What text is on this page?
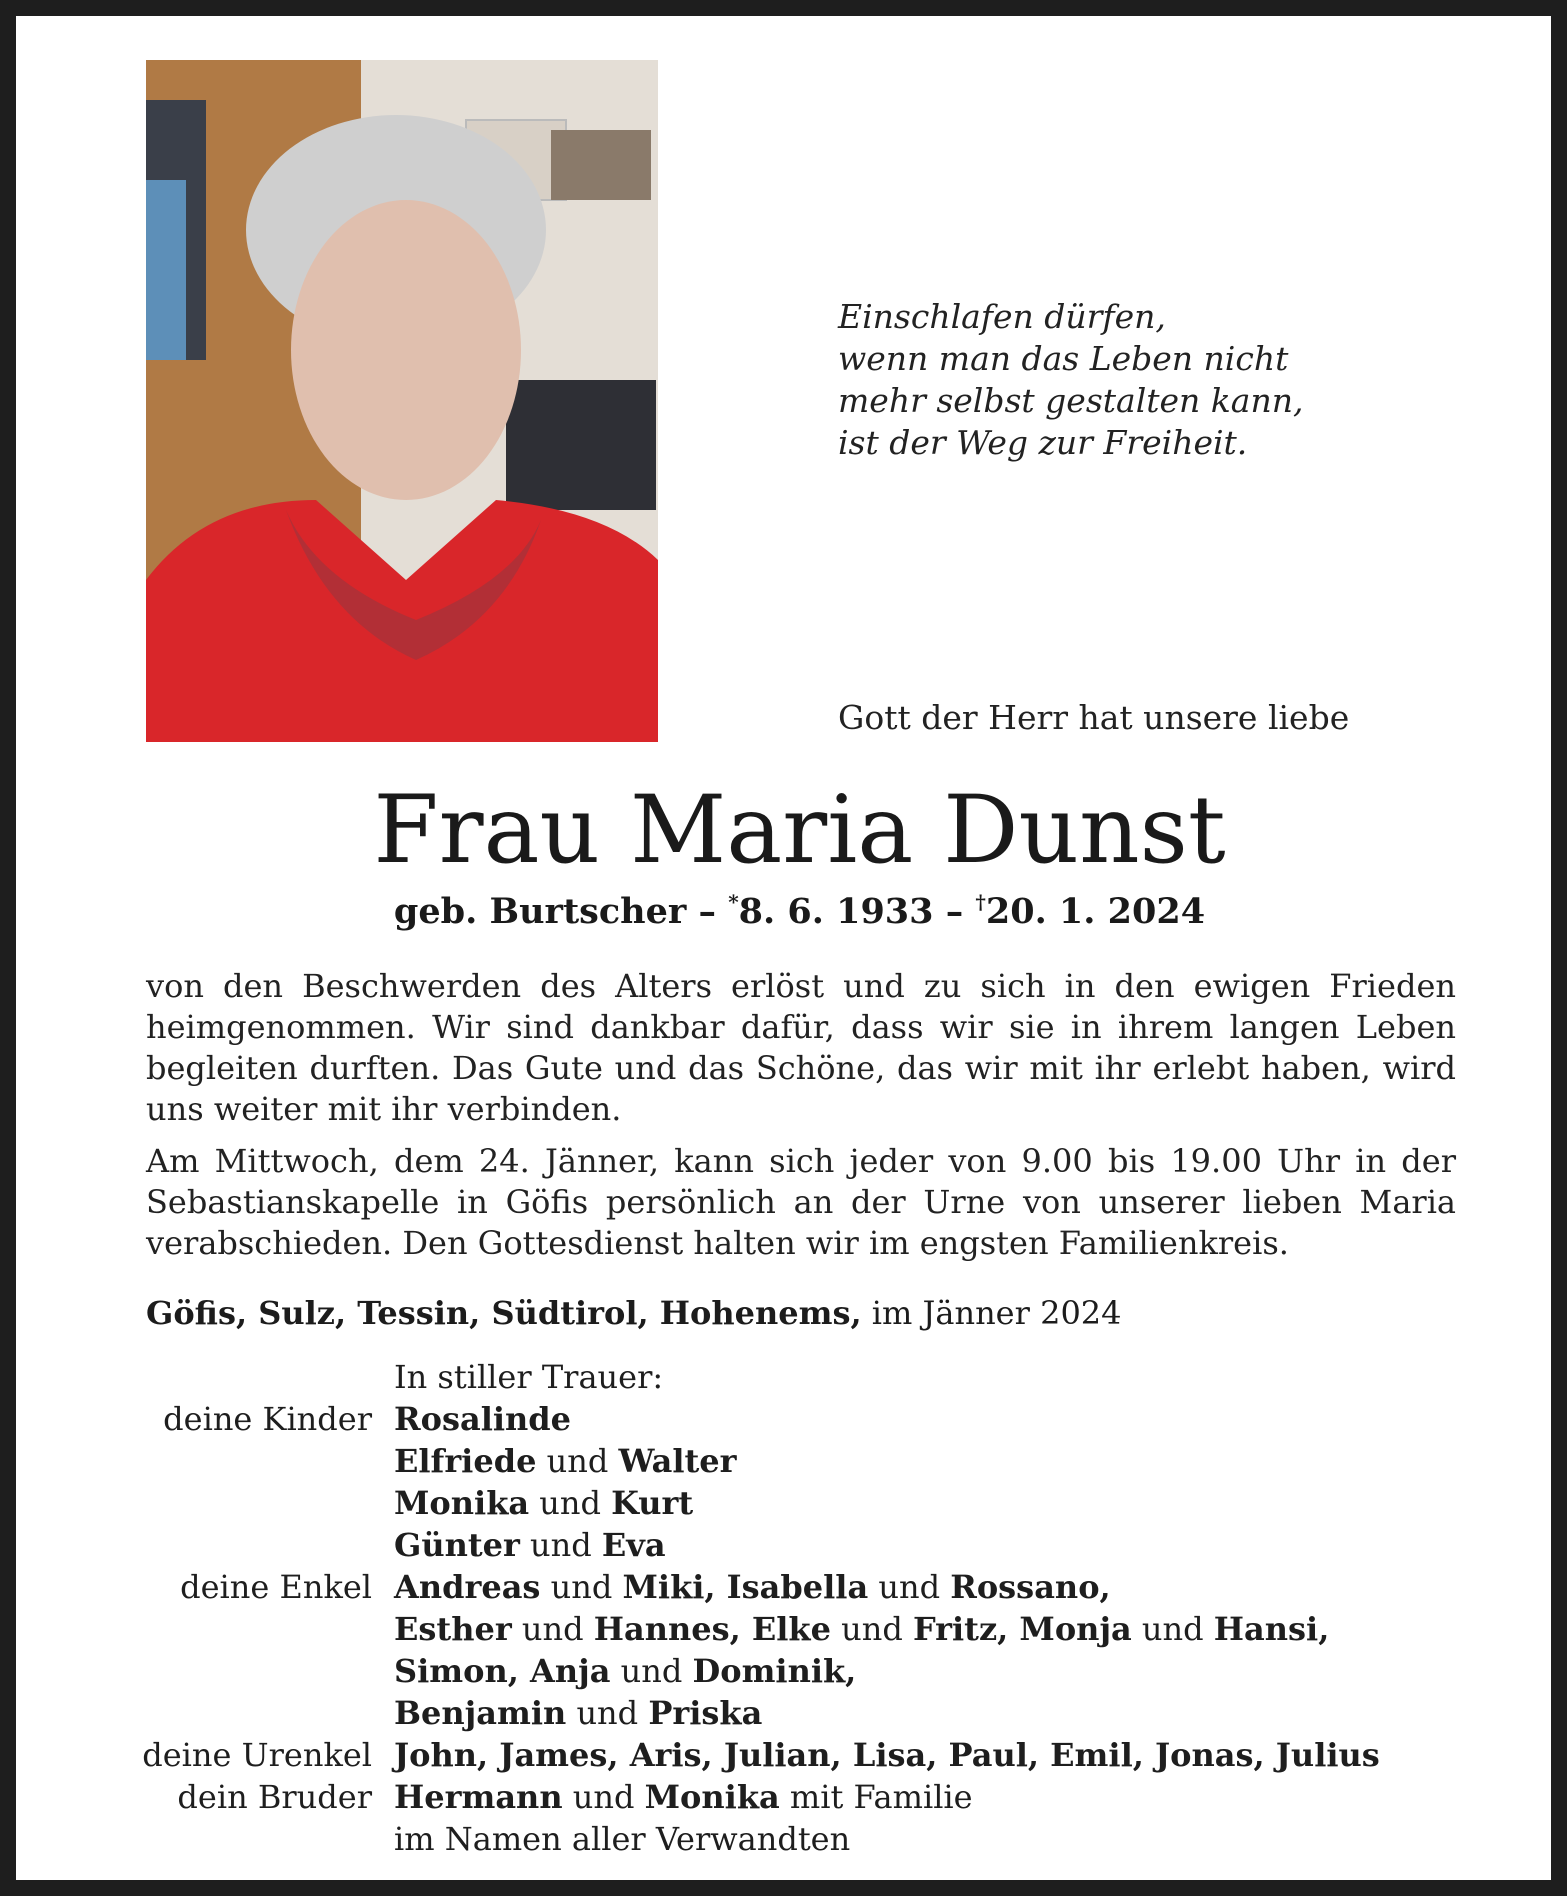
Einschlafen dürfen,
wenn man das Leben nicht
mehr selbst gestalten kann,
ist der Weg zur Freiheit.
Gott der Herr hat unsere liebe
Frau Maria Dunst
geb. Burtscher – *8. 6. 1933 – †20. 1. 2024

von den Beschwerden des Alters erlöst und zu sich in den ewigen Frieden heimgenommen. Wir sind dankbar dafür, dass wir sie in ihrem langen Leben begleiten durften. Das Gute und das Schöne, das wir mit ihr erlebt haben, wird uns weiter mit ihr verbinden.

Am Mittwoch, dem 24. Jänner, kann sich jeder von 9.00 bis 19.00 Uhr in der Sebastianskapelle in Göfis persönlich an der Urne von unserer lieben Maria verabschieden. Den Gottesdienst halten wir im engsten Familienkreis.

Göfis, Sulz, Tessin, Südtirol, Hohenems, im Jänner 2024
In stiller Trauer:
deine Kinder Rosalinde
Elfriede und Walter
Monika und Kurt
Günter und Eva
deine Enkel Andreas und Miki, Isabella und Rossano,
Esther und Hannes, Elke und Fritz, Monja und Hansi,
Simon, Anja und Dominik,
Benjamin und Priska
deine Urenkel John, James, Aris, Julian, Lisa, Paul, Emil, Jonas, Julius
dein Bruder Hermann und Monika mit Familie
im Namen aller Verwandten
